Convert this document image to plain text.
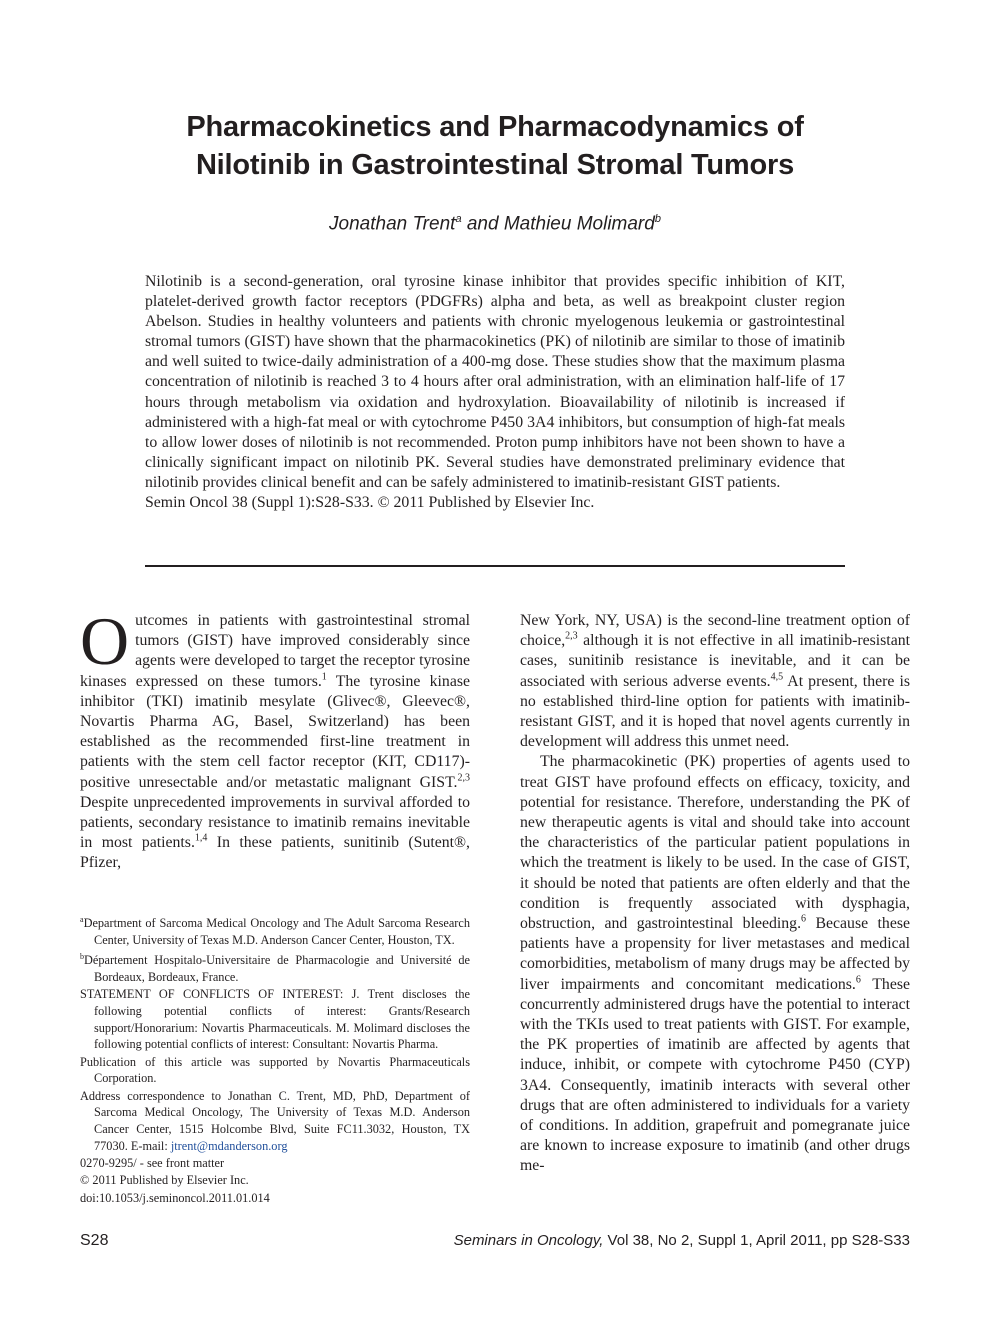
Pharmacokinetics and Pharmacodynamics of
Nilotinib in Gastrointestinal Stromal Tumors
Jonathan Trent$^a$ and Mathieu Molimard$^b$

Nilotinib is a second-generation, oral tyrosine kinase inhibitor that provides specific inhibition of KIT, platelet-derived growth factor receptors (PDGFRs) alpha and beta, as well as breakpoint cluster region Abelson. Studies in healthy volunteers and patients with chronic myelogenous leukemia or gastrointestinal stromal tumors (GIST) have shown that the pharmacokinetics (PK) of nilotinib are similar to those of imatinib and well suited to twice-daily administration of a 400-mg dose. These studies show that the maximum plasma concentration of nilotinib is reached 3 to 4 hours after oral administration, with an elimination half-life of 17 hours through metabolism via oxidation and hydroxylation. Bioavailability of nilotinib is increased if administered with a high-fat meal or with cytochrome P450 3A4 inhibitors, but consumption of high-fat meals to allow lower doses of nilotinib is not recommended. Proton pump inhibitors have not been shown to have a clinically significant impact on nilotinib PK. Several studies have demonstrated preliminary evidence that nilotinib provides clinical benefit and can be safely administered to imatinib-resistant GIST patients.

Semin Oncol 38 (Suppl 1):S28-S33. © 2011 Published by Elsevier Inc.

Outcomes in patients with gastrointestinal stromal tumors (GIST) have improved considerably since agents were developed to target the receptor tyrosine kinases expressed on these tumors.$^1$ The tyrosine kinase inhibitor (TKI) imatinib mesylate (Glivec®, Gleevec®, Novartis Pharma AG, Basel, Switzerland) has been established as the recommended first-line treatment in patients with the stem cell factor receptor (KIT, CD117)-positive unresectable and/or metastatic malignant GIST.$^{2,3}$ Despite unprecedented improvements in survival afforded to patients, secondary resistance to imatinib remains inevitable in most patients.$^{1,4}$ In these patients, sunitinib (Sutent®, Pfizer,

$^a$Department of Sarcoma Medical Oncology and The Adult Sarcoma Research Center, University of Texas M.D. Anderson Cancer Center, Houston, TX.

$^b$Département Hospitalo-Universitaire de Pharmacologie and Université de Bordeaux, Bordeaux, France.

STATEMENT OF CONFLICTS OF INTEREST: J. Trent discloses the following potential conflicts of interest: Grants/Research support/Honorarium: Novartis Pharmaceuticals. M. Molimard discloses the following potential conflicts of interest: Consultant: Novartis Pharma.

Publication of this article was supported by Novartis Pharmaceuticals Corporation.

Address correspondence to Jonathan C. Trent, MD, PhD, Department of Sarcoma Medical Oncology, The University of Texas M.D. Anderson Cancer Center, 1515 Holcombe Blvd, Suite FC11.3032, Houston, TX 77030. E-mail: jtrent@mdanderson.org

0270-9295/ - see front matter

© 2011 Published by Elsevier Inc.

doi:10.1053/j.seminoncol.2011.01.014

New York, NY, USA) is the second-line treatment option of choice,$^{2,3}$ although it is not effective in all imatinib-resistant cases, sunitinib resistance is inevitable, and it can be associated with serious adverse events.$^{4,5}$ At present, there is no established third-line option for patients with imatinib-resistant GIST, and it is hoped that novel agents currently in development will address this unmet need.

The pharmacokinetic (PK) properties of agents used to treat GIST have profound effects on efficacy, toxicity, and potential for resistance. Therefore, understanding the PK of new therapeutic agents is vital and should take into account the characteristics of the particular patient populations in which the treatment is likely to be used. In the case of GIST, it should be noted that patients are often elderly and that the condition is frequently associated with dysphagia, obstruction, and gastrointestinal bleeding.$^6$ Because these patients have a propensity for liver metastases and medical comorbidities, metabolism of many drugs may be affected by liver impairments and concomitant medications.$^6$ These concurrently administered drugs have the potential to interact with the TKIs used to treat patients with GIST. For example, the PK properties of imatinib are affected by agents that induce, inhibit, or compete with cytochrome P450 (CYP) 3A4. Consequently, imatinib interacts with several other drugs that are often administered to individuals for a variety of conditions. In addition, grapefruit and pomegranate juice are known to increase exposure to imatinib (and other drugs me-

S28	Seminars in Oncology, Vol 38, No 2, Suppl 1, April 2011, pp S28-S33
